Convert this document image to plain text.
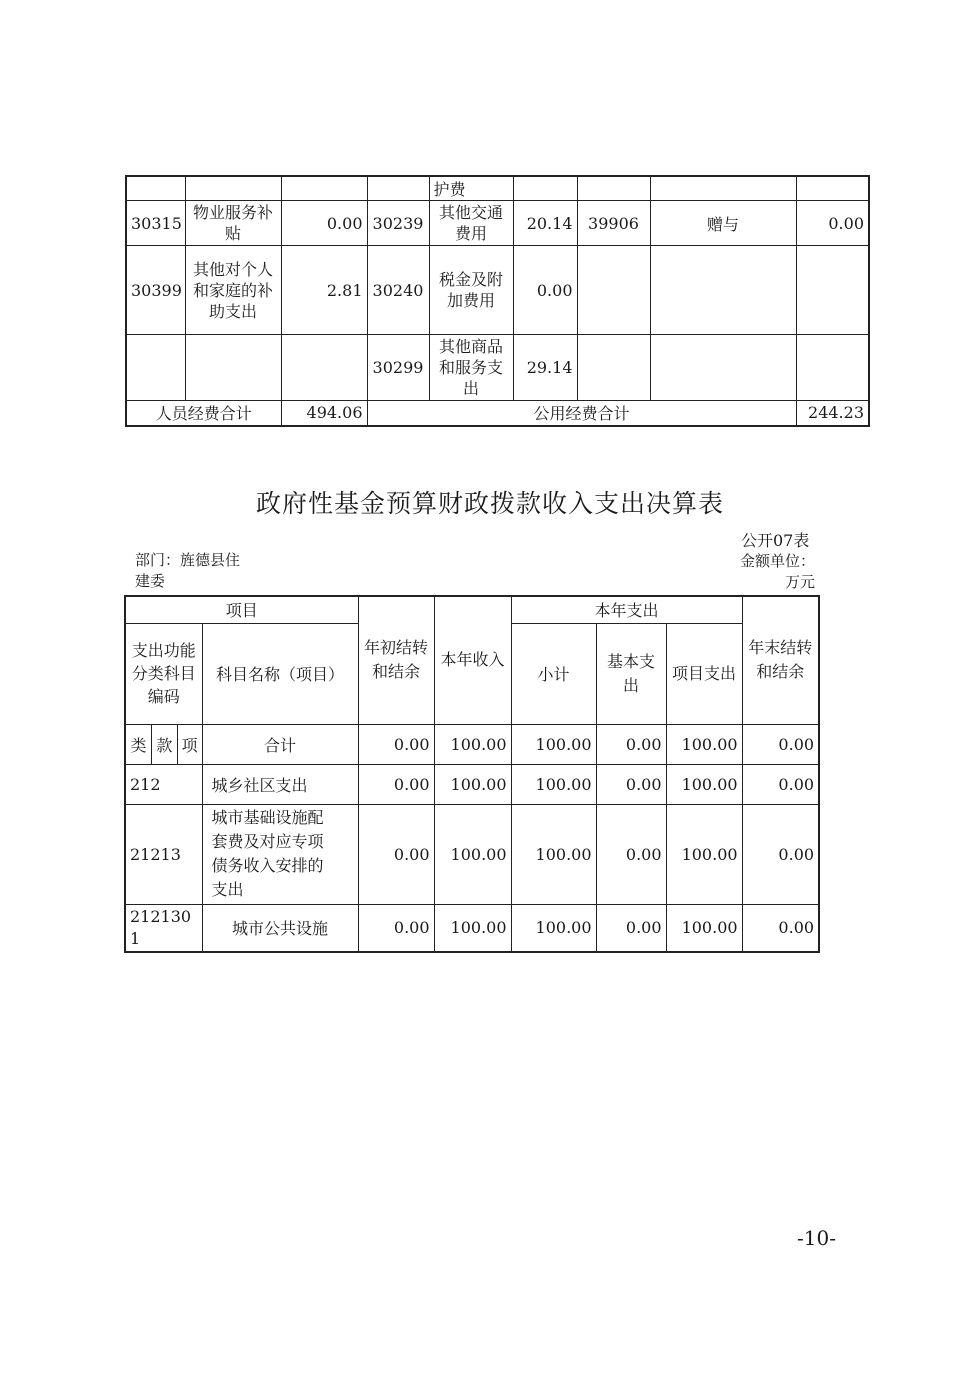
				护费				
30315	物业服务补贴	0.00	30239	其他交通费用	20.14	39906	赠与	0.00
30399	其他对个人和家庭的补助支出	2.81	30240	税金及附加费用	0.00			
			30299	其他商品和服务支出	29.14			
人员经费合计		494.06	公用经费合计					244.23
政府性基金预算财政拨款收入支出决算表
公开07表
部门：旌德县住建委
金额单位：万元
项目	年初结转和结余	本年收入	本年支出	年末结转和结余
支出功能分类科目编码	科目名称（项目）	小计	基本支出	项目支出

类	款	项
		合计	0.00	100.00	100.00	0.00	100.00	0.00
212	城乡社区支出	0.00	100.00	100.00	0.00	100.00	0.00
21213	城市基础设施配套费及对应专项债务收入安排的支出	0.00	100.00	100.00	0.00	100.00	0.00
2121301	城市公共设施	0.00	100.00	100.00	0.00	100.00	0.00
-10-
